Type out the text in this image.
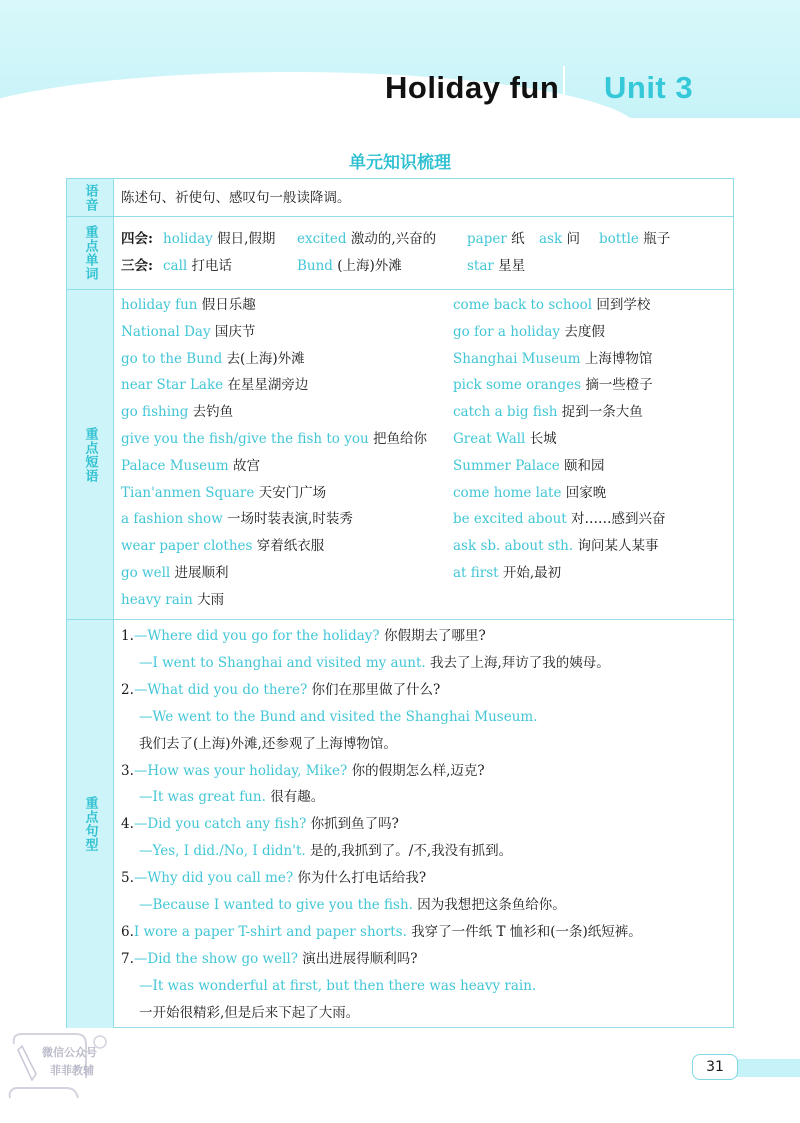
Holiday fun Unit 3
单元知识梳理
语音 陈述句、祈使句、感叹句一般读降调。
重点单词 四会: holiday 假日,假期 excited 激动的,兴奋的 paper 纸 ask 问 bottle 瓶子
三会: call 打电话	Bund (上海)外滩	star 星星
重点短语
holiday fun 假日乐趣
National Day 国庆节
go to the Bund 去(上海)外滩
near Star Lake 在星星湖旁边
go fishing 去钓鱼
give you the fish/give the fish to you 把鱼给你
Palace Museum 故宫
Tian'anmen Square 天安门广场
a fashion show 一场时装表演,时装秀
wear paper clothes 穿着纸衣服
go well 进展顺利
heavy rain 大雨
come back to school 回到学校
go for a holiday 去度假
Shanghai Museum 上海博物馆
pick some oranges 摘一些橙子
catch a big fish 捉到一条大鱼
Great Wall 长城
Summer Palace 颐和园
come home late 回家晚
be excited about 对……感到兴奋
ask sb. about sth. 询问某人某事
at first 开始,最初
重点句型
1.—Where did you go for the holiday? 你假期去了哪里?
—I went to Shanghai and visited my aunt. 我去了上海,拜访了我的姨母。
2.—What did you do there? 你们在那里做了什么?
—We went to the Bund and visited the Shanghai Museum.
我们去了(上海)外滩,还参观了上海博物馆。
3.—How was your holiday, Mike? 你的假期怎么样,迈克?
—It was great fun. 很有趣。
4.—Did you catch any fish? 你抓到鱼了吗?
—Yes, I did./No, I didn't. 是的,我抓到了。/不,我没有抓到。
5.—Why did you call me? 你为什么打电话给我?
—Because I wanted to give you the fish. 因为我想把这条鱼给你。
6.I wore a paper T-shirt and paper shorts. 我穿了一件纸 T 恤衫和(一条)纸短裤。
7.—Did the show go well? 演出进展得顺利吗?
—It was wonderful at first, but then there was heavy rain.
一开始很精彩,但是后来下起了大雨。
31
微信公众号
菲菲教辅
